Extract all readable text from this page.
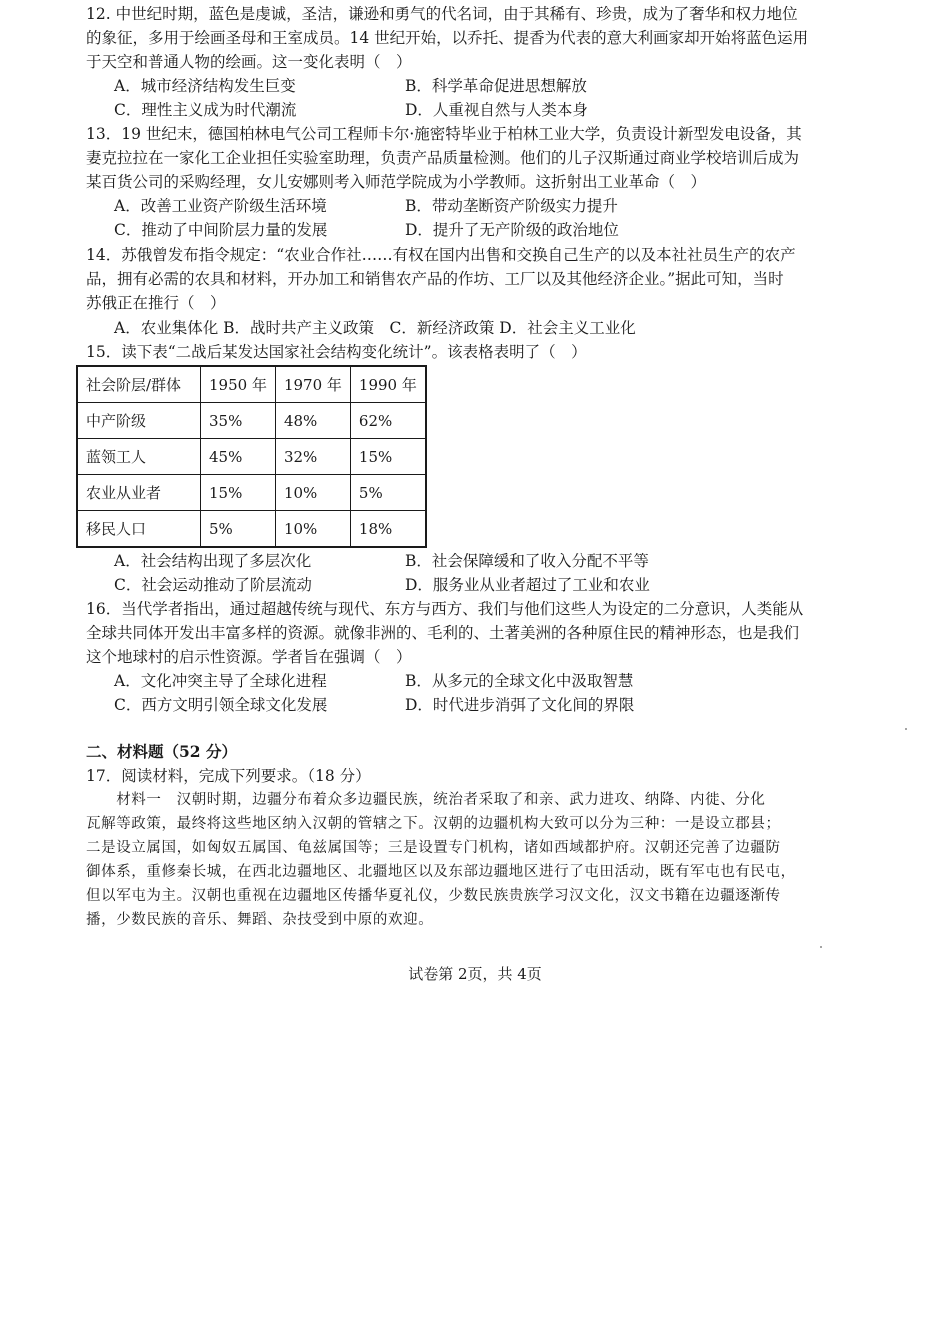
12. 中世纪时期，蓝色是虔诚，圣洁，谦逊和勇气的代名词，由于其稀有、珍贵，成为了奢华和权力地位
的象征，多用于绘画圣母和王室成员。14 世纪开始，以乔托、提香为代表的意大利画家却开始将蓝色运用
于天空和普通人物的绘画。这一变化表明（　）
A．城市经济结构发生巨变	B．科学革命促进思想解放
C．理性主义成为时代潮流	D．人重视自然与人类本身
13．19 世纪末，德国柏林电气公司工程师卡尔·施密特毕业于柏林工业大学，负责设计新型发电设备，其
妻克拉拉在一家化工企业担任实验室助理，负责产品质量检测。他们的儿子汉斯通过商业学校培训后成为
某百货公司的采购经理，女儿安娜则考入师范学院成为小学教师。这折射出工业革命（　）
A．改善工业资产阶级生活环境	B．带动垄断资产阶级实力提升
C．推动了中间阶层力量的发展	D．提升了无产阶级的政治地位
14．苏俄曾发布指令规定：“农业合作社……有权在国内出售和交换自己生产的以及本社社员生产的农产
品，拥有必需的农具和材料，开办加工和销售农产品的作坊、工厂以及其他经济企业。”据此可知，当时
苏俄正在推行（　）
A．农业集体化 B．战时共产主义政策　C．新经济政策 D．社会主义工业化
15．读下表“二战后某发达国家社会结构变化统计”。该表格表明了（　）
社会阶层/群体	1950 年	1970 年	1990 年
中产阶级	35%	48%	62%
蓝领工人	45%	32%	15%
农业从业者	15%	10%	5%
移民人口	5%	10%	18%
A．社会结构出现了多层次化	B．社会保障缓和了收入分配不平等
C．社会运动推动了阶层流动	D．服务业从业者超过了工业和农业
16．当代学者指出，通过超越传统与现代、东方与西方、我们与他们这些人为设定的二分意识，人类能从
全球共同体开发出丰富多样的资源。就像非洲的、毛利的、土著美洲的各种原住民的精神形态，也是我们
这个地球村的启示性资源。学者旨在强调（　）
A．文化冲突主导了全球化进程	B．从多元的全球文化中汲取智慧
C．西方文明引领全球文化发展	D．时代进步消弭了文化间的界限
二、材料题（52 分）
17．阅读材料，完成下列要求。（18 分）
　　材料一　汉朝时期，边疆分布着众多边疆民族，统治者采取了和亲、武力进攻、纳降、内徙、分化
瓦解等政策，最终将这些地区纳入汉朝的管辖之下。汉朝的边疆机构大致可以分为三种：一是设立郡县；
二是设立属国，如匈奴五属国、龟兹属国等；三是设置专门机构，诸如西域都护府。汉朝还完善了边疆防
御体系，重修秦长城，在西北边疆地区、北疆地区以及东部边疆地区进行了屯田活动，既有军屯也有民屯，
但以军屯为主。汉朝也重视在边疆地区传播华夏礼仪，少数民族贵族学习汉文化，汉文书籍在边疆逐渐传
播，少数民族的音乐、舞蹈、杂技受到中原的欢迎。
试卷第 2页，共 4页
